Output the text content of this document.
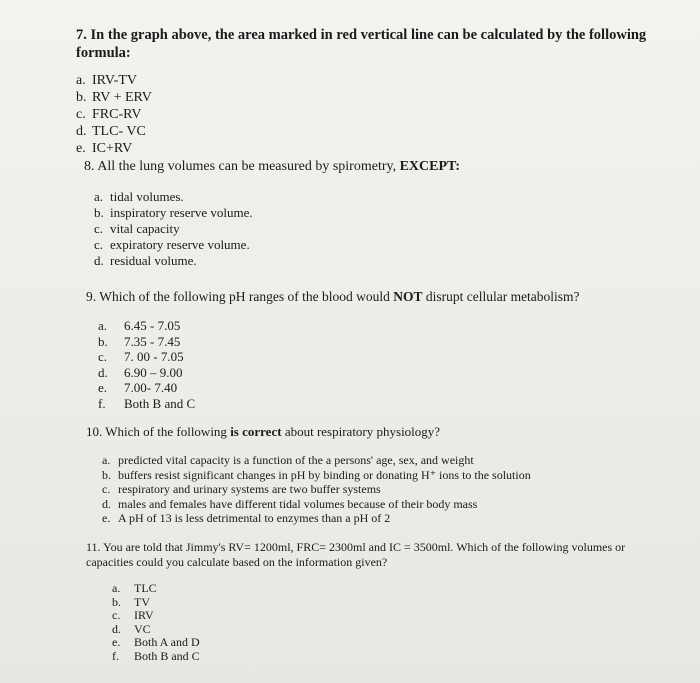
7. In the graph above, the area marked in red vertical line can be calculated by the following formula:
a. IRV-TV
b. RV + ERV
c. FRC-RV
d. TLC- VC
e. IC+RV
8. All the lung volumes can be measured by spirometry, EXCEPT:
a. tidal volumes.
b. inspiratory reserve volume.
c. vital capacity
c. expiratory reserve volume.
d. residual volume.
9. Which of the following pH ranges of the blood would NOT disrupt cellular metabolism?
a.	6.45 - 7.05
b.	7.35 - 7.45
c.	7. 00 - 7.05
d.	6.90 – 9.00
e.	7.00- 7.40
f.	Both B and C
10. Which of the following is correct about respiratory physiology?
a. predicted vital capacity is a function of the a persons' age, sex, and weight
b. buffers resist significant changes in pH by binding or donating H⁺ ions to the solution
c. respiratory and urinary systems are two buffer systems
d. males and females have different tidal volumes because of their body mass
e. A pH of 13 is less detrimental to enzymes than a pH of 2
11. You are told that Jimmy's RV= 1200ml, FRC= 2300ml and IC = 3500ml. Which of the following volumes or
capacities could you calculate based on the information given?
a.	TLC
b.	TV
c.	IRV
d.	VC
e.	Both A and D
f.	Both B and C
